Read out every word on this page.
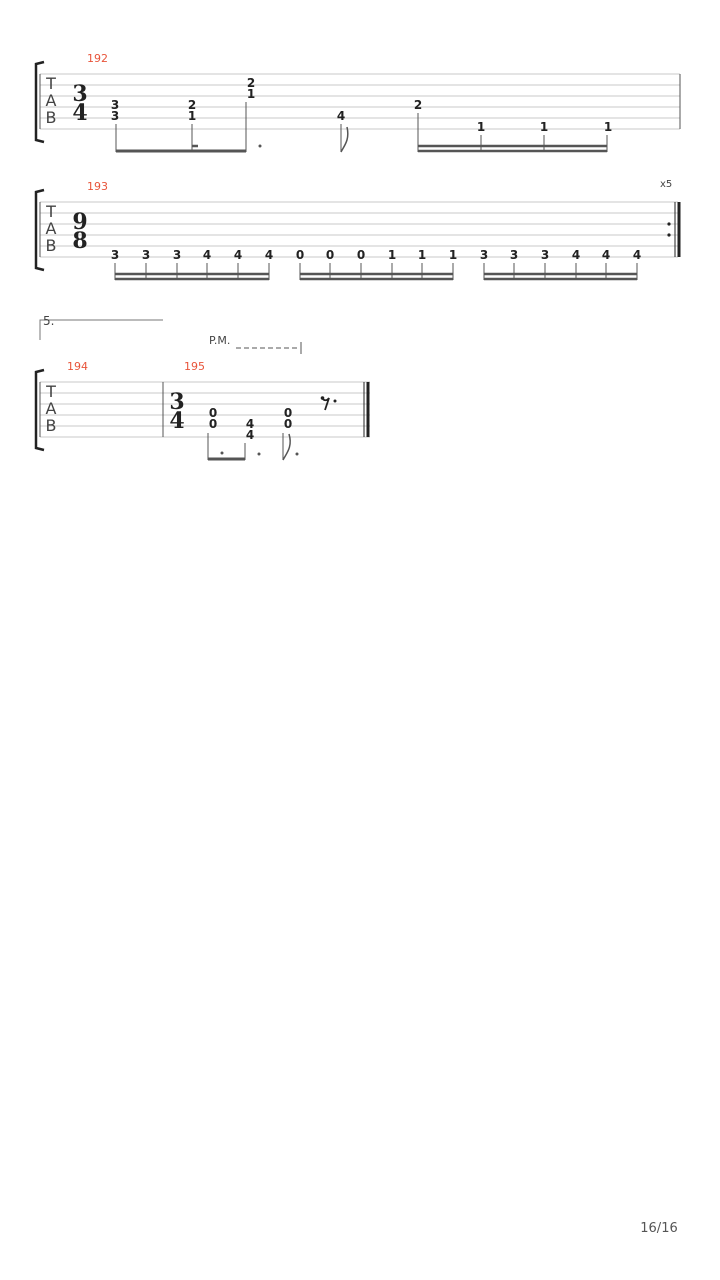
T
A
B
192
3
4 3
3
2
1
2
1
4
2
1	1	1
T
A
B
193	x5
9
8
3 3 3 4 4 4 0 0 0 1 1 1 3 3 3 4 4 4
5.
P.M.
T
A
B
194	195
3
4 0
0 4
4
0
0
16/16
